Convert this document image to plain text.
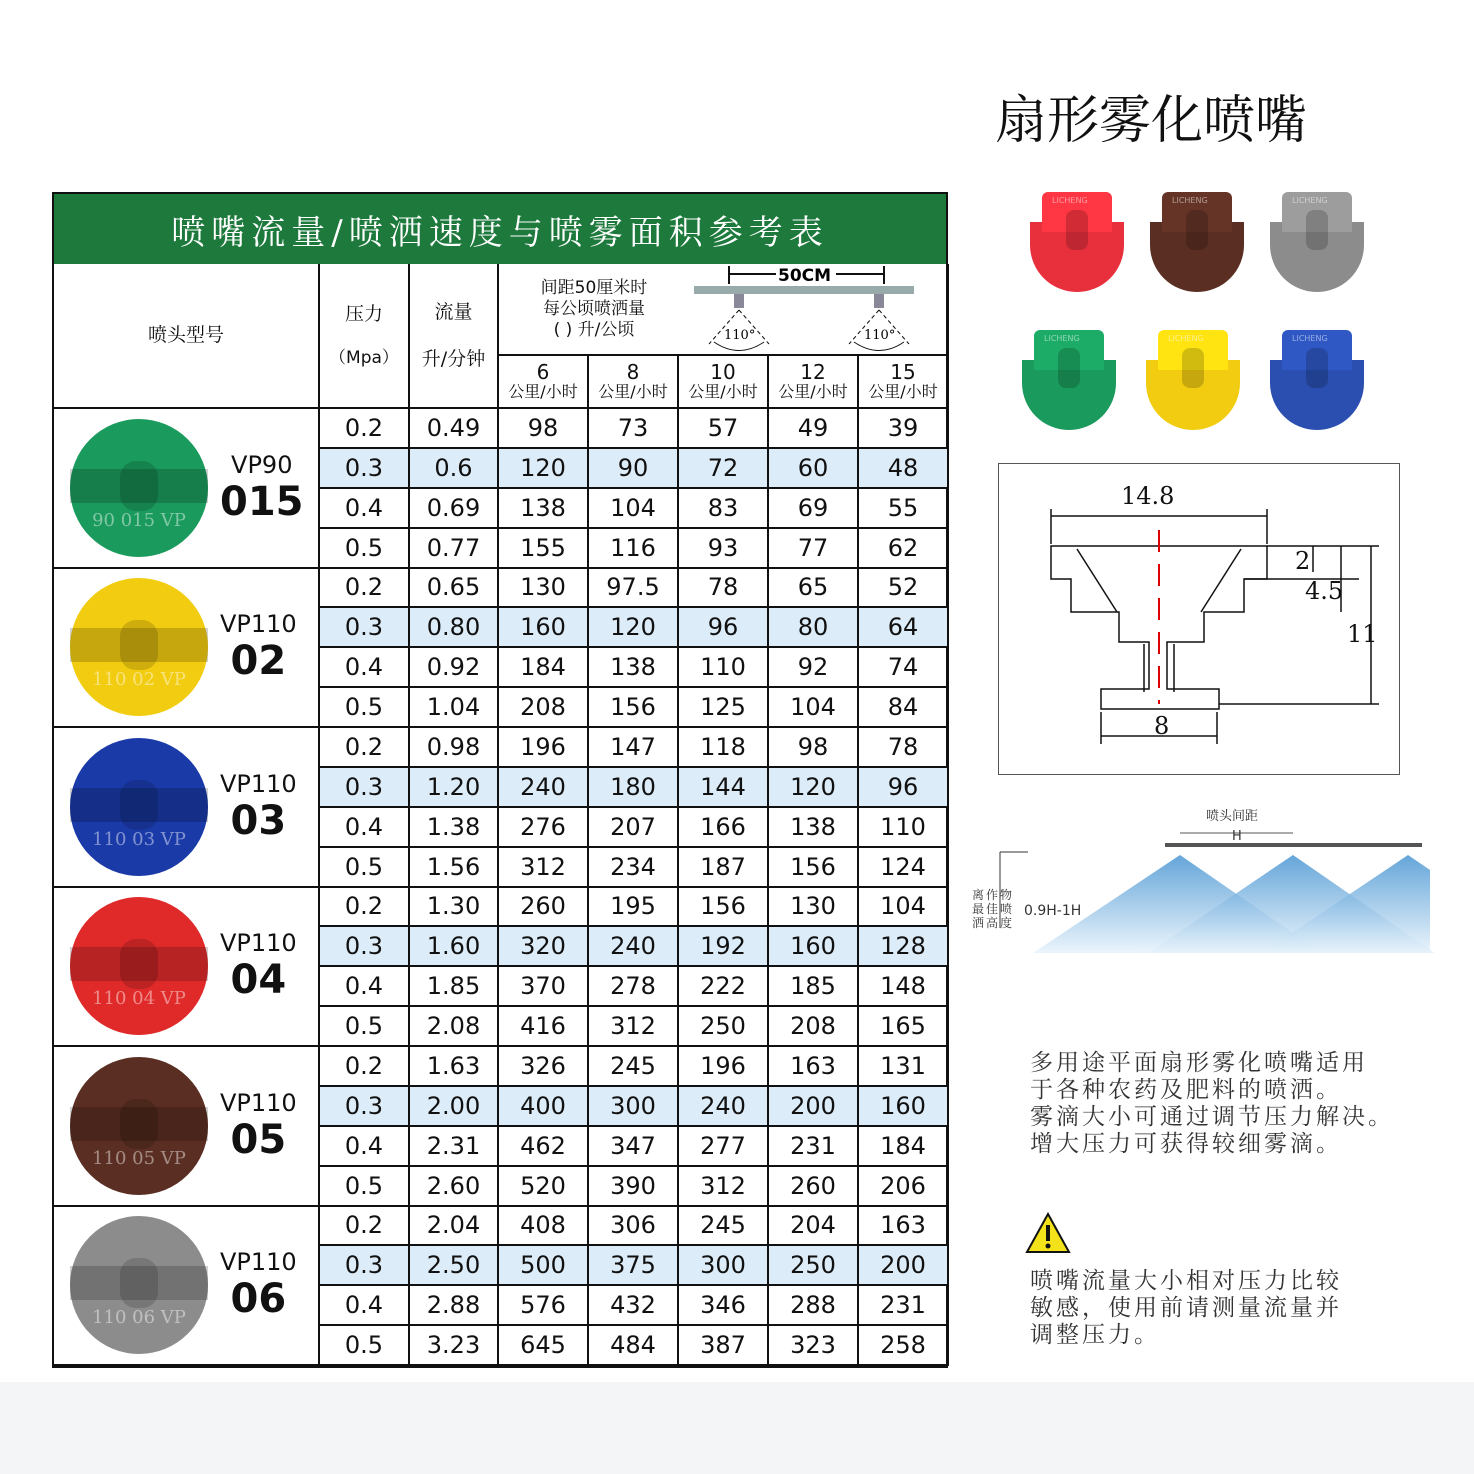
喷嘴流量/喷洒速度与喷雾面积参考表
喷头型号
压力
（Mpa）
流量
升/分钟
间距50厘米时
每公顷喷洒量
( ) 升/公顷
50CM
110°	110°
6
公里/小时
8
公里/小时
10
公里/小时
12
公里/小时
15
公里/小时
90 015 VP
VP90
015
0.2	0.49	98	73	57	49	39
0.3	0.6	120	90	72	60	48
0.4	0.69	138	104	83	69	55
0.5	0.77	155	116	93	77	62
110 02 VP
VP110
02
0.2	0.65	130	97.5	78	65	52
0.3	0.80	160	120	96	80	64
0.4	0.92	184	138	110	92	74
0.5	1.04	208	156	125	104	84
110 03 VP
VP110
03
0.2	0.98	196	147	118	98	78
0.3	1.20	240	180	144	120	96
0.4	1.38	276	207	166	138	110
0.5	1.56	312	234	187	156	124
110 04 VP
VP110
04
0.2	1.30	260	195	156	130	104
0.3	1.60	320	240	192	160	128
0.4	1.85	370	278	222	185	148
0.5	2.08	416	312	250	208	165
110 05 VP
VP110
05
0.2	1.63	326	245	196	163	131
0.3	2.00	400	300	240	200	160
0.4	2.31	462	347	277	231	184
0.5	2.60	520	390	312	260	206
110 06 VP
VP110
06
0.2	2.04	408	306	245	204	163
0.3	2.50	500	375	300	250	200
0.4	2.88	576	432	346	288	231
0.5	3.23	645	484	387	323	258
扇形雾化喷嘴
LICHENG	LICHENG	LICHENG
LICHENG	LICHENG	LICHENG
14.8
2
4.5
11
8
喷头间距
H
0.9H-1H
离作物
最佳喷
洒高度
多用途平面扇形雾化喷嘴适用
于各种农药及肥料的喷洒。
雾滴大小可通过调节压力解决。
增大压力可获得较细雾滴。
喷嘴流量大小相对压力比较
敏感，使用前请测量流量并
调整压力。
